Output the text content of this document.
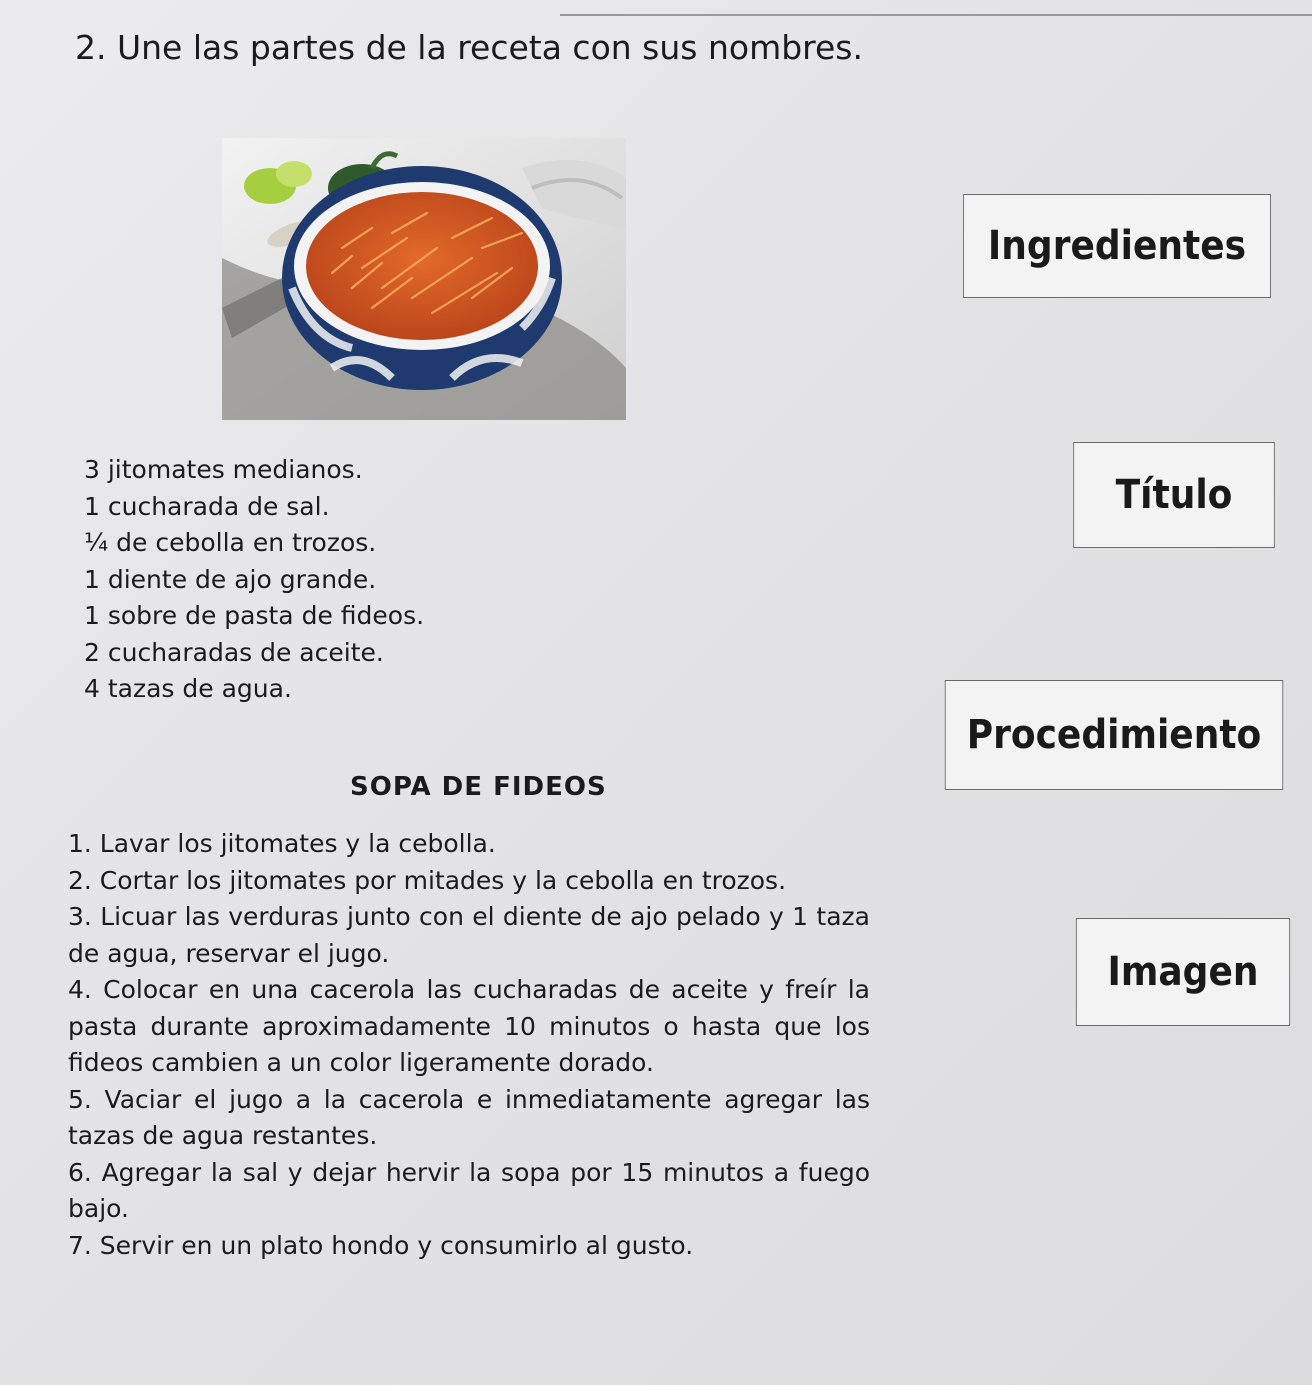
2. Une las partes de la receta con sus nombres.
3 jitomates medianos.
1 cucharada de sal.
¼ de cebolla en trozos.
1 diente de ajo grande.
1 sobre de pasta de fideos.
2 cucharadas de aceite.
4 tazas de agua.
SOPA DE FIDEOS

1. Lavar los jitomates y la cebolla.

2. Cortar los jitomates por mitades y la cebolla en trozos.

3. Licuar las verduras junto con el diente de ajo pelado y 1 taza de agua, reservar el jugo.

4. Colocar en una cacerola las cucharadas de aceite y freír la pasta durante aproximadamente 10 minutos o hasta que los fideos cambien a un color ligeramente dorado.

5. Vaciar el jugo a la cacerola e inmediatamente agregar las tazas de agua restantes.

6. Agregar la sal y dejar hervir la sopa por 15 minutos a fuego bajo.

7. Servir en un plato hondo y consumirlo al gusto.

Ingredientes
Título
Procedimiento
Imagen
